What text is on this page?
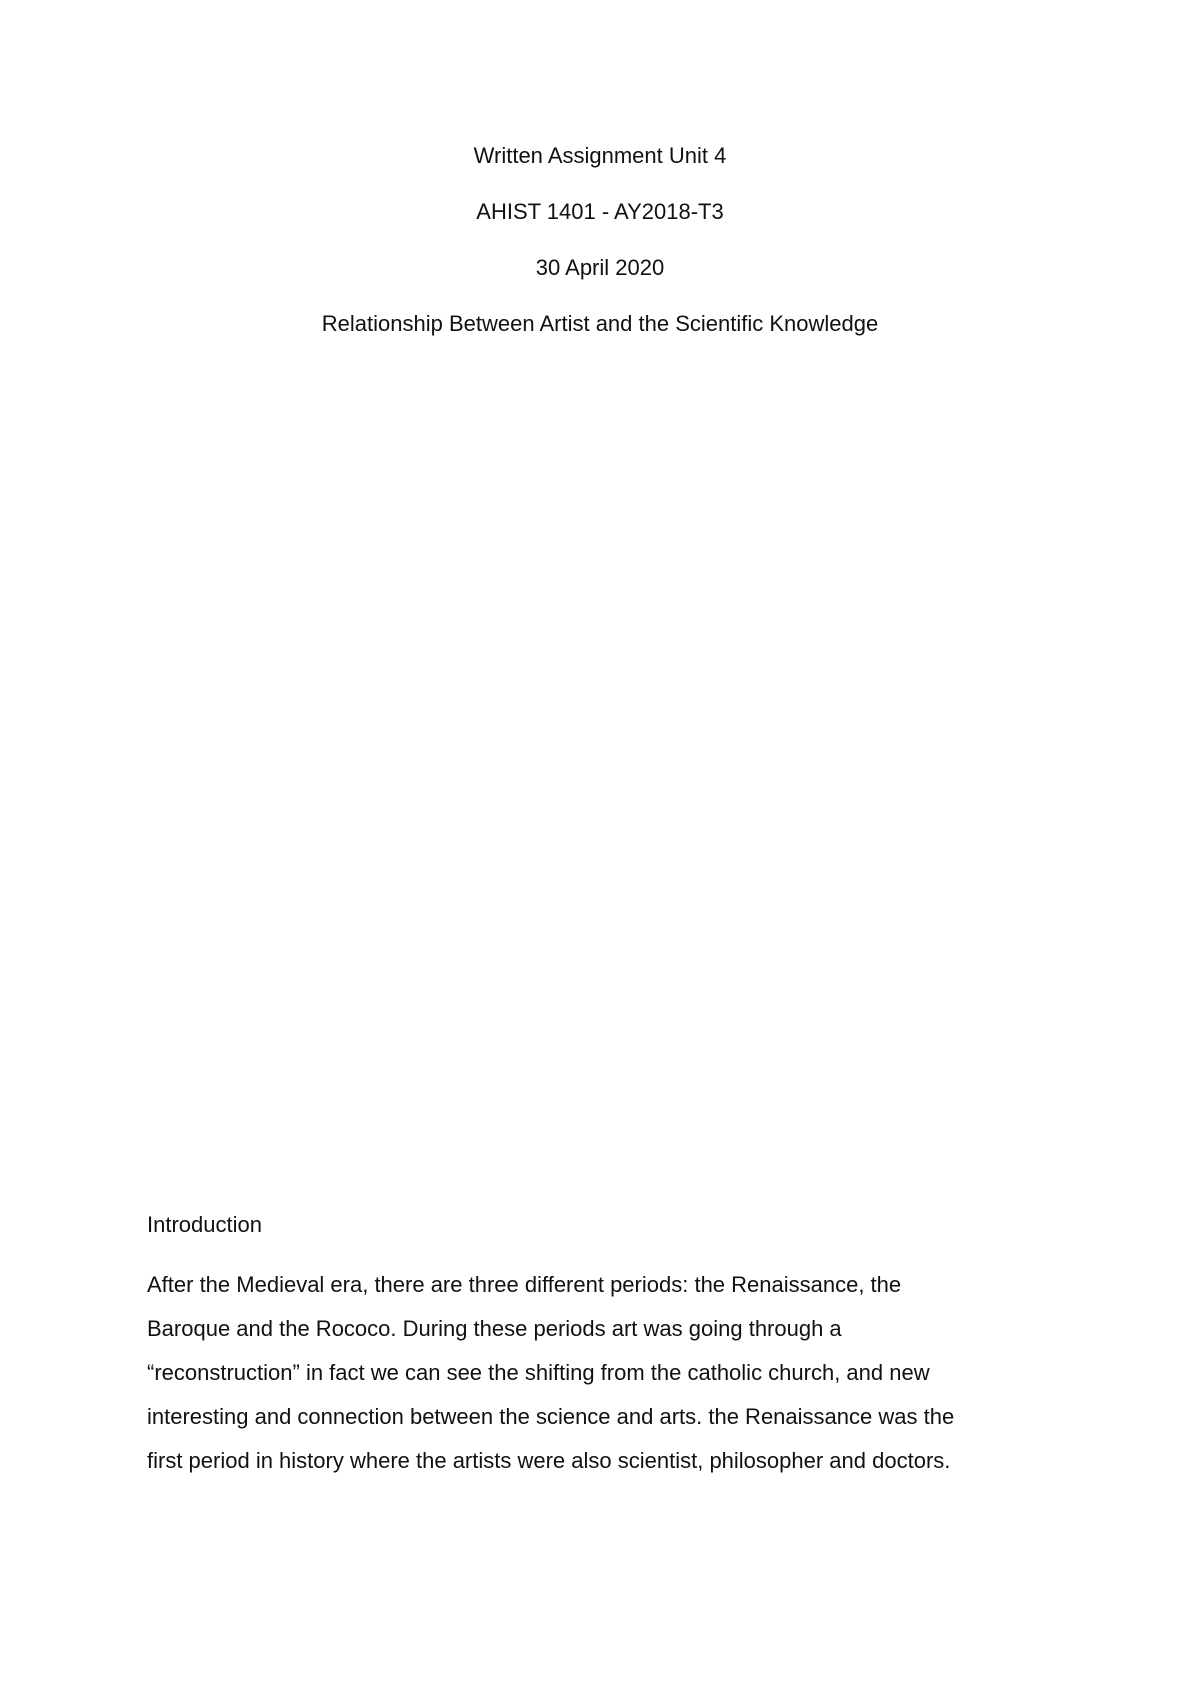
Written Assignment Unit 4
AHIST 1401 - AY2018-T3
30 April 2020
Relationship Between Artist and the Scientific Knowledge
Introduction
After the Medieval era, there are three different periods: the Renaissance, the
Baroque and the Rococo. During these periods art was going through a
“reconstruction” in fact we can see the shifting from the catholic church, and new
interesting and connection between the science and arts. the Renaissance was the
first period in history where the artists were also scientist, philosopher and doctors.
